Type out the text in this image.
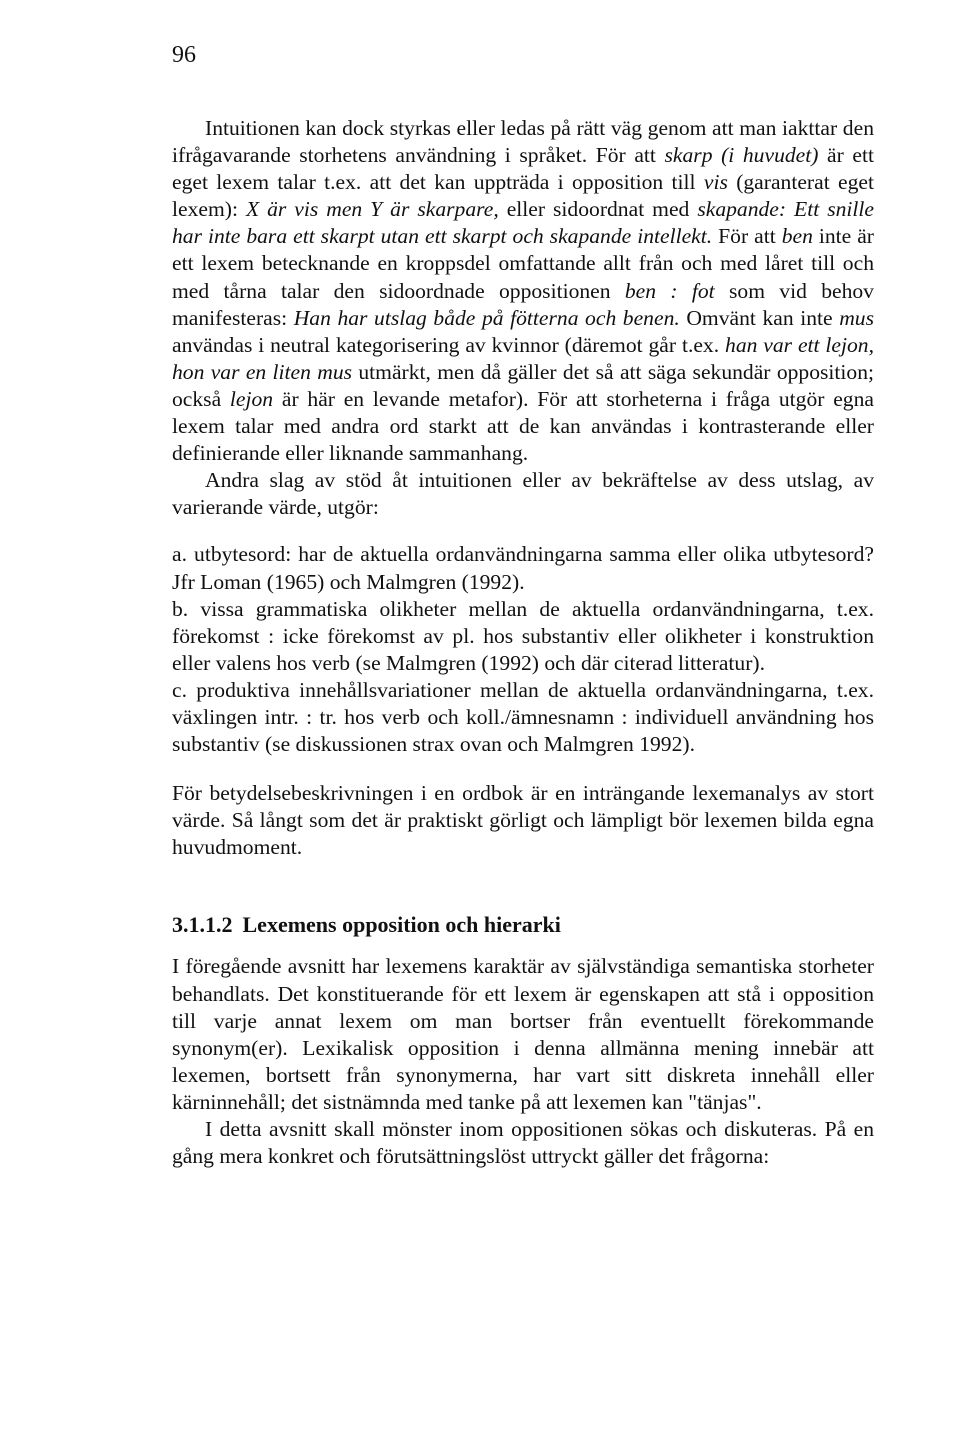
96

Intuitionen kan dock styrkas eller ledas på rätt väg genom att man iakttar den ifrågavarande storhetens användning i språket. För att skarp (i huvudet) är ett eget lexem talar t.ex. att det kan uppträda i opposition till vis (garanterat eget lexem): X är vis men Y är skarpare, eller sidoordnat med skapande: Ett snille har inte bara ett skarpt utan ett skarpt och skapande intellekt. För att ben inte är ett lexem betecknande en kroppsdel omfattande allt från och med låret till och med tårna talar den sidoordnade oppositionen ben : fot som vid behov manifesteras: Han har utslag både på fötterna och benen. Omvänt kan inte mus användas i neutral kategorisering av kvinnor (däremot går t.ex. han var ett lejon, hon var en liten mus utmärkt, men då gäller det så att säga sekundär opposition; också lejon är här en levande metafor). För att storheterna i fråga utgör egna lexem talar med andra ord starkt att de kan användas i kontrasterande eller definierande eller liknande sammanhang.

Andra slag av stöd åt intuitionen eller av bekräftelse av dess utslag, av varierande värde, utgör:

a. utbytesord: har de aktuella ordanvändningarna samma eller olika utbytesord? Jfr Loman (1965) och Malmgren (1992).

b. vissa grammatiska olikheter mellan de aktuella ordanvändningarna, t.ex. förekomst : icke förekomst av pl. hos substantiv eller olikheter i konstruktion eller valens hos verb (se Malmgren (1992) och där citerad litteratur).

c. produktiva innehållsvariationer mellan de aktuella ordanvändningarna, t.ex. växlingen intr. : tr. hos verb och koll./ämnesnamn : individuell användning hos substantiv (se diskussionen strax ovan och Malmgren 1992).

För betydelsebeskrivningen i en ordbok är en inträngande lexemanalys av stort värde. Så långt som det är praktiskt görligt och lämpligt bör lexemen bilda egna huvudmoment.

3.1.1.2 Lexemens opposition och hierarki

I föregående avsnitt har lexemens karaktär av självständiga semantiska storheter behandlats. Det konstituerande för ett lexem är egenskapen att stå i opposition till varje annat lexem om man bortser från eventuellt förekommande synonym(er). Lexikalisk opposition i denna allmänna mening innebär att lexemen, bortsett från synonymerna, har vart sitt diskreta innehåll eller kärninnehåll; det sistnämnda med tanke på att lexemen kan "tänjas".

I detta avsnitt skall mönster inom oppositionen sökas och diskuteras. På en gång mera konkret och förutsättningslöst uttryckt gäller det frågorna:
